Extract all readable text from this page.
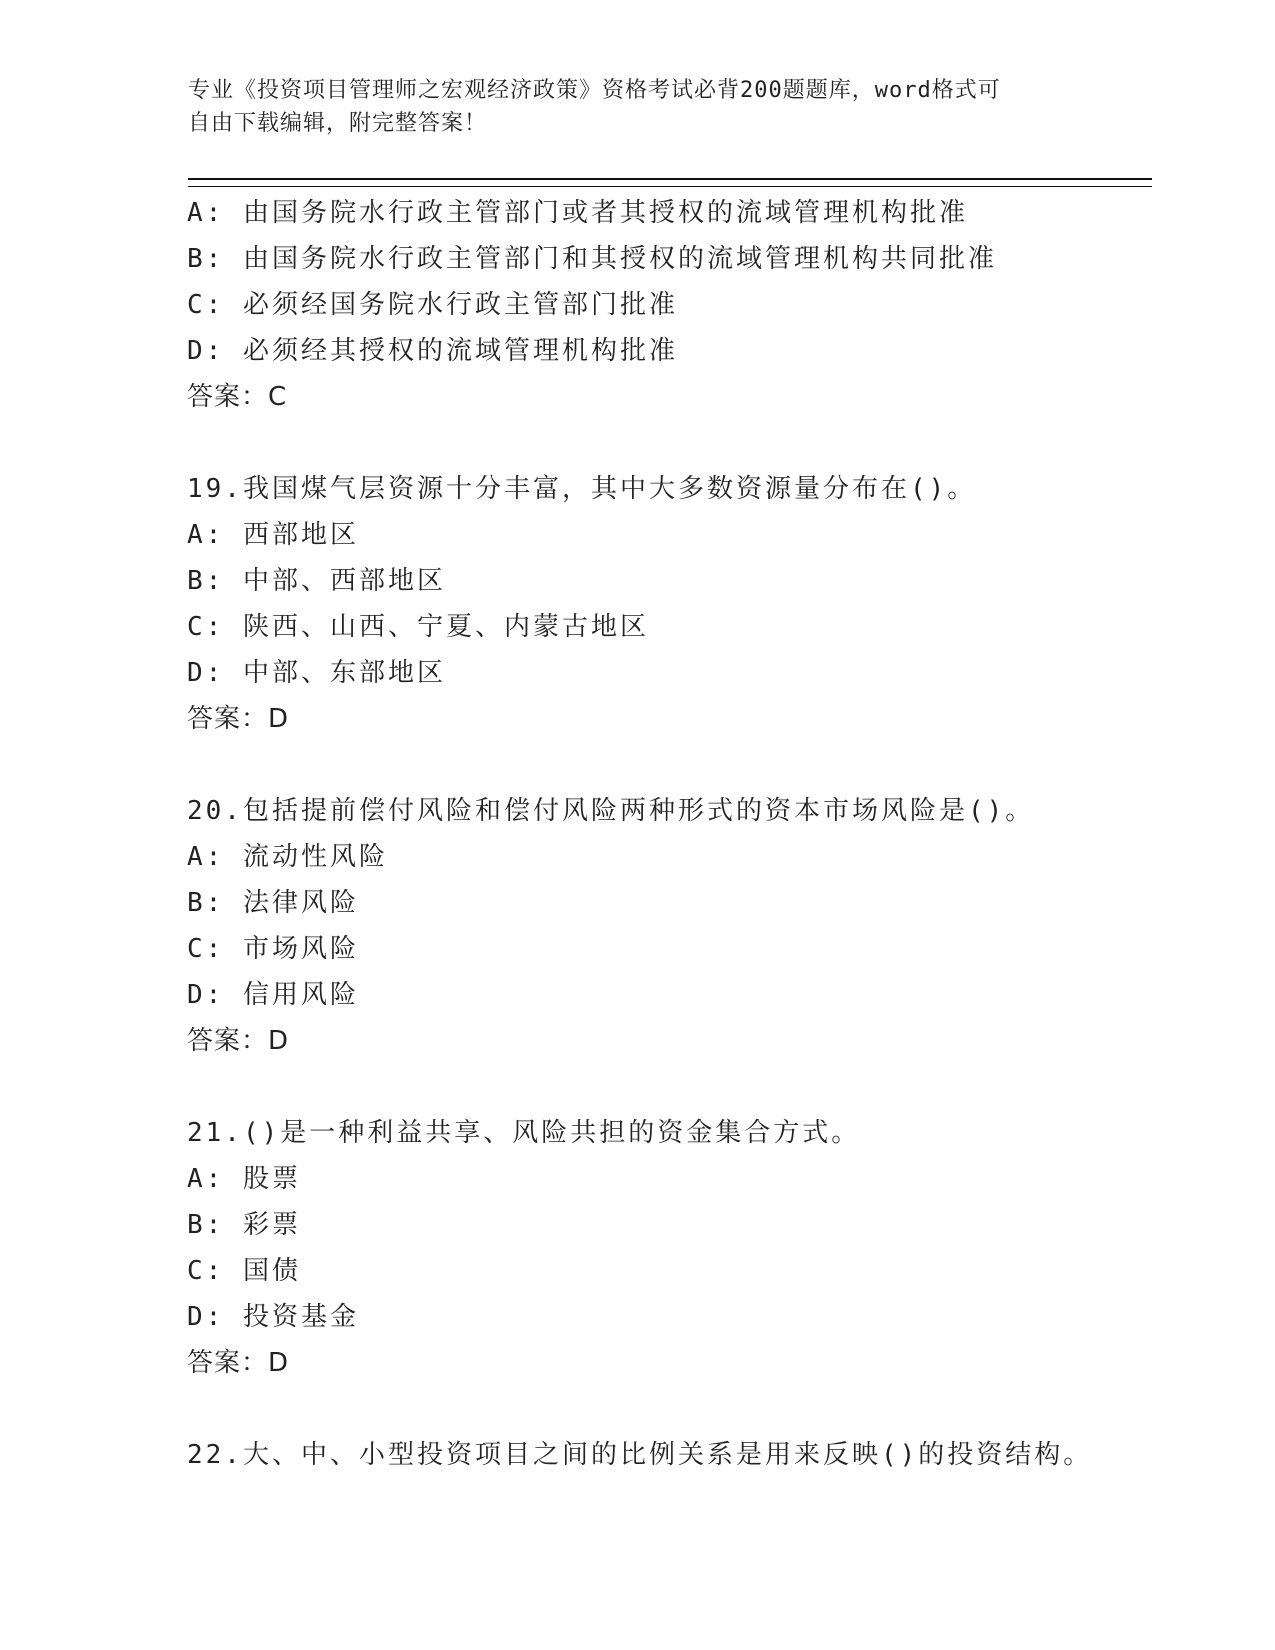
专业《投资项目管理师之宏观经济政策》资格考试必背200题题库，word格式可
自由下载编辑，附完整答案！
A: 由国务院水行政主管部门或者其授权的流域管理机构批准
B: 由国务院水行政主管部门和其授权的流域管理机构共同批准
C: 必须经国务院水行政主管部门批准
D: 必须经其授权的流域管理机构批准
答案：C
19.我国煤气层资源十分丰富，其中大多数资源量分布在()。
A: 西部地区
B: 中部、西部地区
C: 陕西、山西、宁夏、内蒙古地区
D: 中部、东部地区
答案：D
20.包括提前偿付风险和偿付风险两种形式的资本市场风险是()。
A: 流动性风险
B: 法律风险
C: 市场风险
D: 信用风险
答案：D
21.()是一种利益共享、风险共担的资金集合方式。
A: 股票
B: 彩票
C: 国债
D: 投资基金
答案：D
22.大、中、小型投资项目之间的比例关系是用来反映()的投资结构。
